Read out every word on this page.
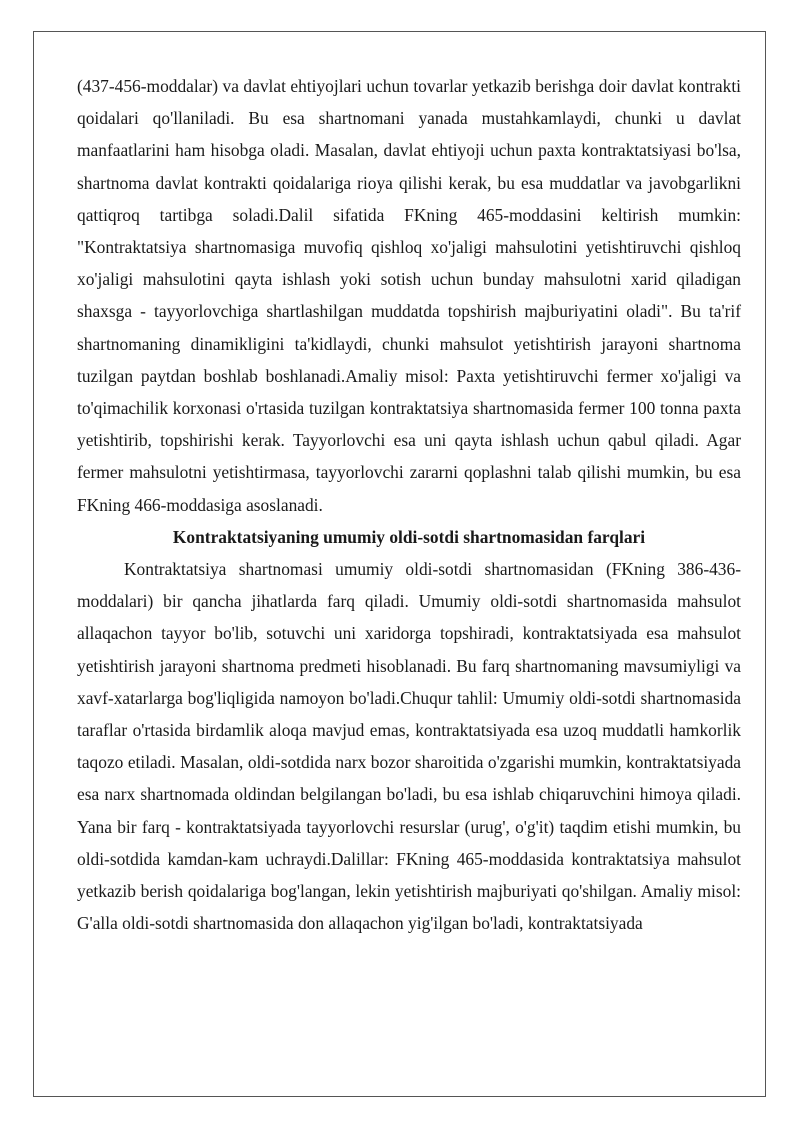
(437-456-moddalar) va davlat ehtiyojlari uchun tovarlar yetkazib berishga doir davlat kontrakti qoidalari qo'llaniladi. Bu esa shartnomani yanada mustahkamlaydi, chunki u davlat manfaatlarini ham hisobga oladi. Masalan, davlat ehtiyoji uchun paxta kontraktatsiyasi bo'lsa, shartnoma davlat kontrakti qoidalariga rioya qilishi kerak, bu esa muddatlar va javobgarlikni qattiqroq tartibga soladi.Dalil sifatida FKning 465-moddasini keltirish mumkin: "Kontraktatsiya shartnomasiga muvofiq qishloq xo'jaligi mahsulotini yetishtiruvchi qishloq xo'jaligi mahsulotini qayta ishlash yoki sotish uchun bunday mahsulotni xarid qiladigan shaxsga - tayyorlovchiga shartlashilgan muddatda topshirish majburiyatini oladi". Bu ta'rif shartnomaning dinamikligini ta'kidlaydi, chunki mahsulot yetishtirish jarayoni shartnoma tuzilgan paytdan boshlab boshlanadi.Amaliy misol: Paxta yetishtiruvchi fermer xo'jaligi va to'qimachilik korxonasi o'rtasida tuzilgan kontraktatsiya shartnomasida fermer 100 tonna paxta yetishtirib, topshirishi kerak. Tayyorlovchi esa uni qayta ishlash uchun qabul qiladi. Agar fermer mahsulotni yetishtirmasa, tayyorlovchi zararni qoplashni talab qilishi mumkin, bu esa FKning 466-moddasiga asoslanadi.

Kontraktatsiyaning umumiy oldi-sotdi shartnomasidan farqlari

Kontraktatsiya shartnomasi umumiy oldi-sotdi shartnomasidan (FKning 386-436-moddalari) bir qancha jihatlarda farq qiladi. Umumiy oldi-sotdi shartnomasida mahsulot allaqachon tayyor bo'lib, sotuvchi uni xaridorga topshiradi, kontraktatsiyada esa mahsulot yetishtirish jarayoni shartnoma predmeti hisoblanadi. Bu farq shartnomaning mavsumiyligi va xavf-xatarlarga bog'liqligida namoyon bo'ladi.Chuqur tahlil: Umumiy oldi-sotdi shartnomasida taraflar o'rtasida birdamlik aloqa mavjud emas, kontraktatsiyada esa uzoq muddatli hamkorlik taqozo etiladi. Masalan, oldi-sotdida narx bozor sharoitida o'zgarishi mumkin, kontraktatsiyada esa narx shartnomada oldindan belgilangan bo'ladi, bu esa ishlab chiqaruvchini himoya qiladi. Yana bir farq - kontraktatsiyada tayyorlovchi resurslar (urug', o'g'it) taqdim etishi mumkin, bu oldi-sotdida kamdan-kam uchraydi.Dalillar: FKning 465-moddasida kontraktatsiya mahsulot yetkazib berish qoidalariga bog'langan, lekin yetishtirish majburiyati qo'shilgan. Amaliy misol: G'alla oldi-sotdi shartnomasida don allaqachon yig'ilgan bo'ladi, kontraktatsiyada
